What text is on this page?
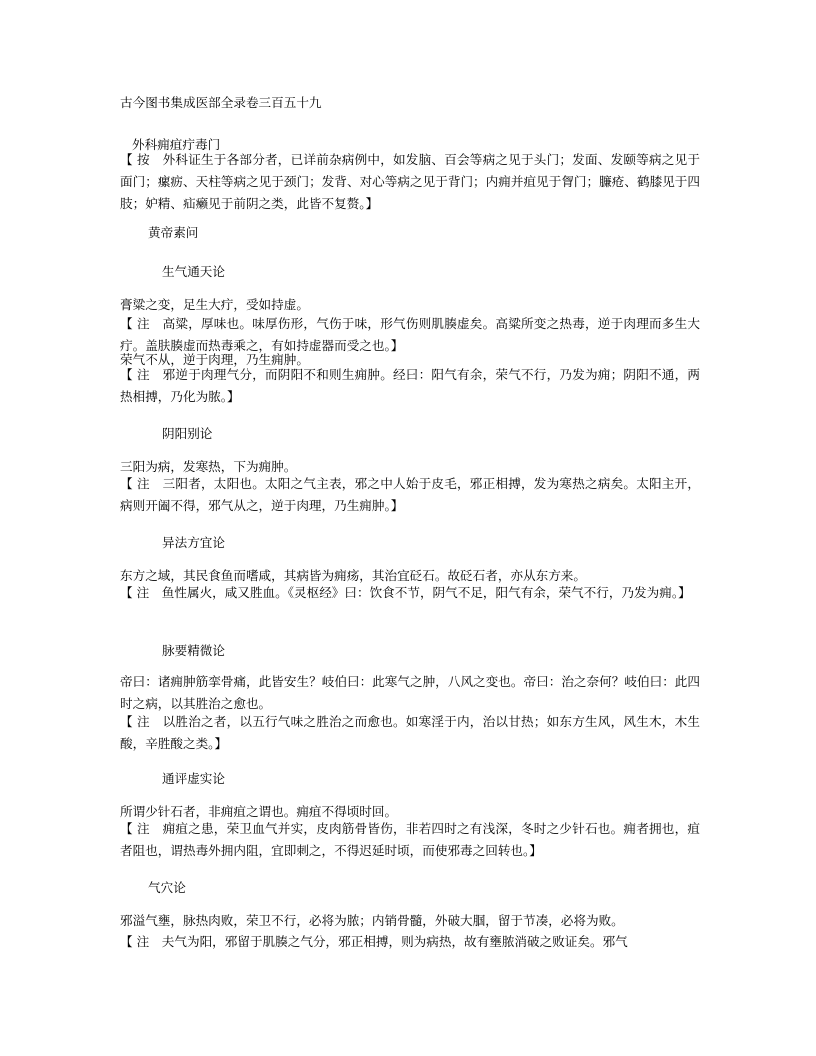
古今图书集成医部全录卷三百五十九
外科痈疽疔毒门
【 按　外科证生于各部分者，已详前杂病例中，如发脑、百会等病之见于头门；发面、发颐等病之见于面门；瘰疬、天柱等病之见于颈门；发背、对心等病之见于背门；内痈并疽见于胷门；臁疮、鹤膝见于四肢；妒精、疝癞见于前阴之类，此皆不复赘。】
黄帝素问
生气通天论
膏粱之变，足生大疔，受如持虚。
【 注　高粱，厚味也。味厚伤形，气伤于味，形气伤则肌腠虚矣。高粱所变之热毒，逆于肉理而多生大疔。盖肤腠虚而热毒乘之，有如持虚器而受之也。】
荣气不从，逆于肉理，乃生痈肿。
【 注　邪逆于肉理气分，而阴阳不和则生痈肿。经曰：阳气有余，荣气不行，乃发为痈；阴阳不通，两热相搏，乃化为脓。】
阴阳别论
三阳为病，发寒热，下为痈肿。
【 注　三阳者，太阳也。太阳之气主表，邪之中人始于皮毛，邪正相搏，发为寒热之病矣。太阳主开，病则开阖不得，邪气从之，逆于肉理，乃生痈肿。】
异法方宜论
东方之域，其民食鱼而嗜咸，其病皆为痈疡，其治宜砭石。故砭石者，亦从东方来。
【 注　鱼性属火，咸又胜血。《灵枢经》曰：饮食不节，阴气不足，阳气有余，荣气不行，乃发为痈。】
脉要精微论
帝曰：诸痈肿筋挛骨痛，此皆安生？岐伯曰：此寒气之肿，八风之变也。帝曰：治之奈何？岐伯曰：此四时之病，以其胜治之愈也。
【 注　以胜治之者，以五行气味之胜治之而愈也。如寒淫于内，治以甘热；如东方生风，风生木，木生酸，辛胜酸之类。】
通评虚实论
所谓少针石者，非痈疽之谓也。痈疽不得顷时回。
【 注　痈疽之患，荣卫血气并实，皮肉筋骨皆伤，非若四时之有浅深，冬时之少针石也。痈者拥也，疽者阻也，谓热毒外拥内阻，宜即刺之，不得迟延时顷，而使邪毒之回转也。】
气穴论
邪溢气壅，脉热肉败，荣卫不行，必将为脓；内销骨髓，外破大腘，留于节凑，必将为败。
【 注　夫气为阳，邪留于肌腠之气分，邪正相搏，则为病热，故有壅脓消破之败证矣。邪气
